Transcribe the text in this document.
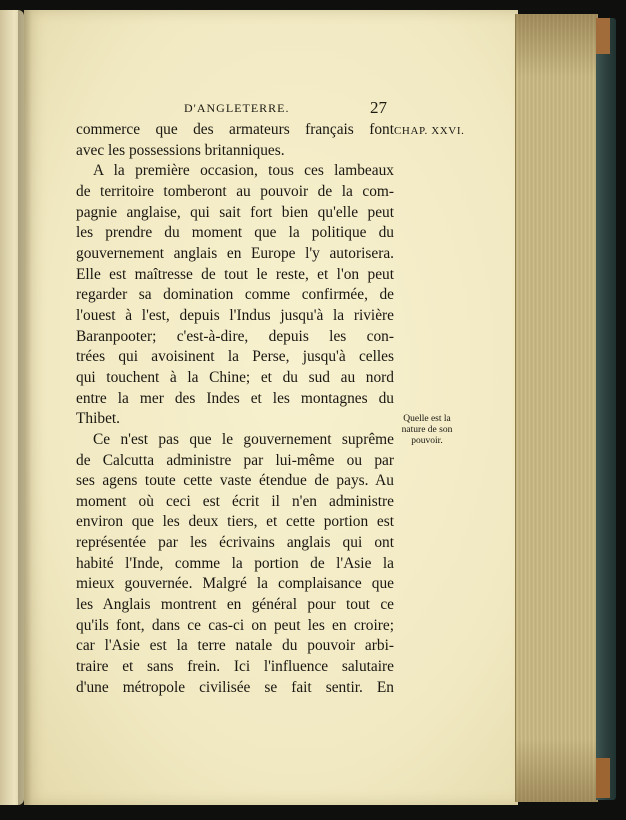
D'ANGLETERRE.	27
CHAP. XXVI.
commerce que des armateurs français font
avec les possessions britanniques.
A la première occasion, tous ces lambeaux
de territoire tomberont au pouvoir de la com-
pagnie anglaise, qui sait fort bien qu'elle peut
les prendre du moment que la politique du
gouvernement anglais en Europe l'y autorisera.
Elle est maîtresse de tout le reste, et l'on peut
regarder sa domination comme confirmée, de
l'ouest à l'est, depuis l'Indus jusqu'à la rivière
Baranpooter; c'est-à-dire, depuis les con-
trées qui avoisinent la Perse, jusqu'à celles
qui touchent à la Chine; et du sud au nord
entre la mer des Indes et les montagnes du
Thibet.
Ce n'est pas que le gouvernement suprême
de Calcutta administre par lui-même ou par
ses agens toute cette vaste étendue de pays. Au
moment où ceci est écrit il n'en administre
environ que les deux tiers, et cette portion est
représentée par les écrivains anglais qui ont
habité l'Inde, comme la portion de l'Asie la
mieux gouvernée. Malgré la complaisance que
les Anglais montrent en général pour tout ce
qu'ils font, dans ce cas-ci on peut les en croire;
car l'Asie est la terre natale du pouvoir arbi-
traire et sans frein. Ici l'influence salutaire
d'une métropole civilisée se fait sentir. En
Quelle est la
nature de son
pouvoir.
